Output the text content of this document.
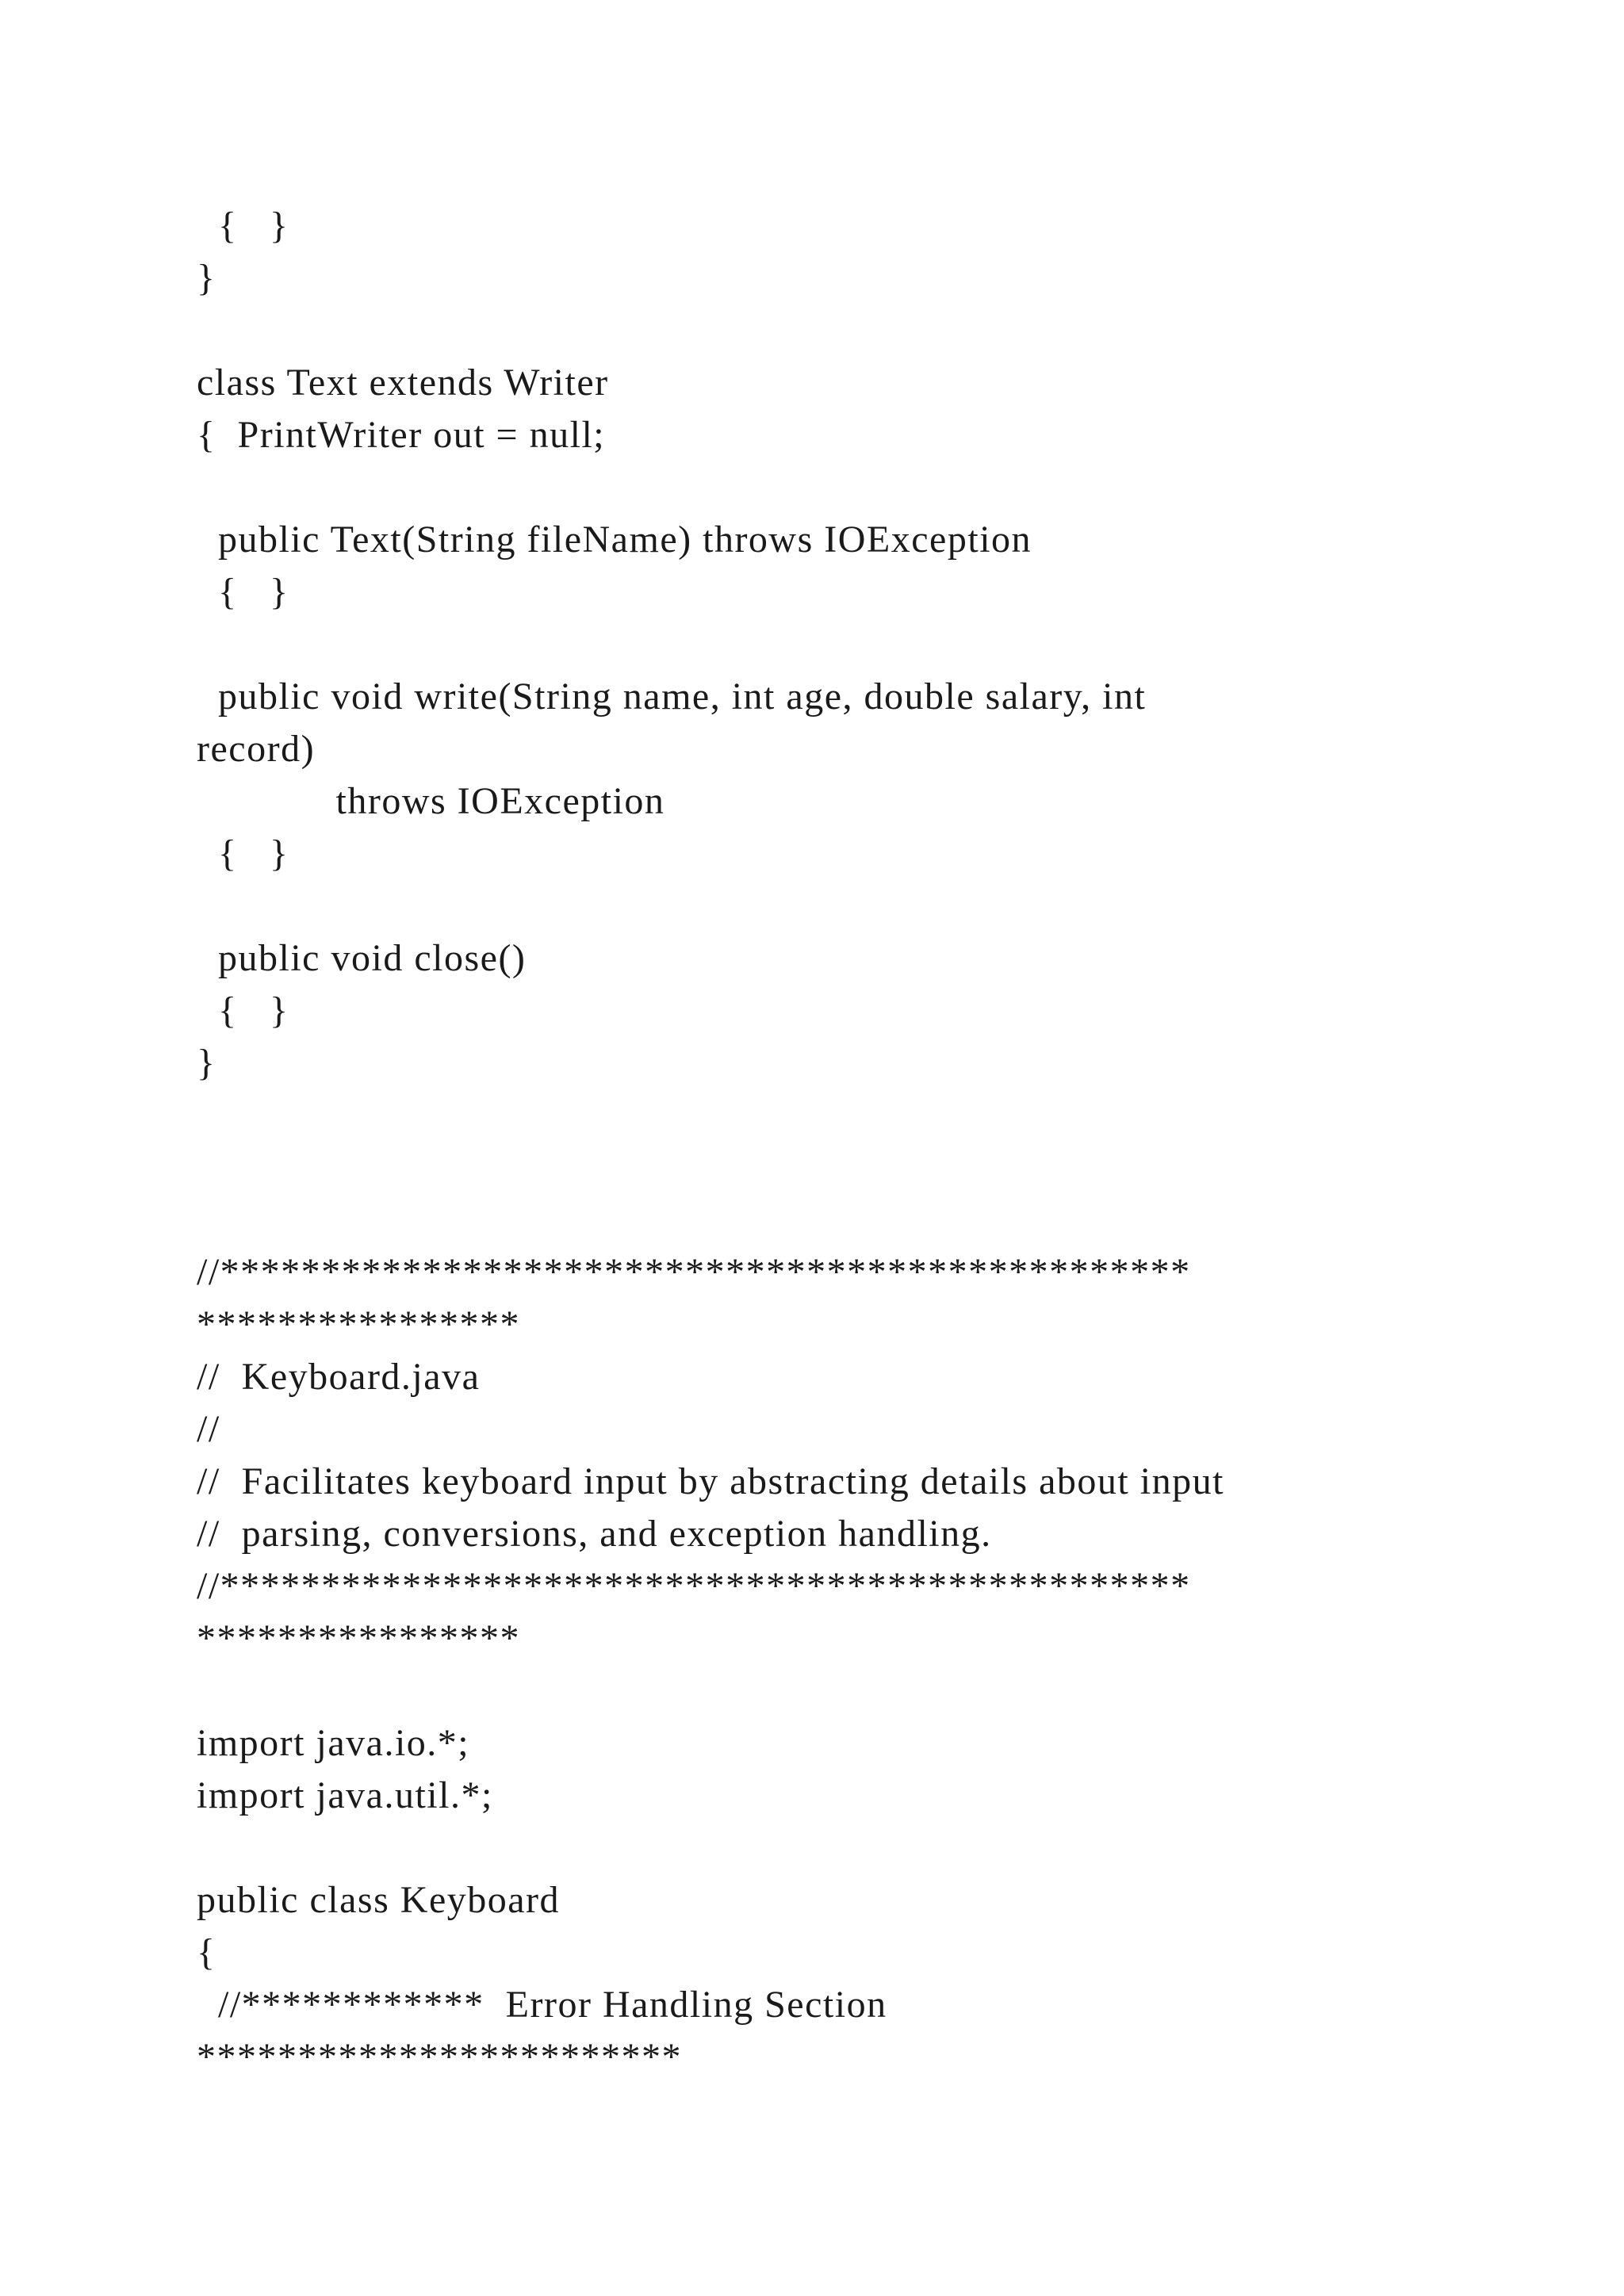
{   }
}
class Text extends Writer
{  PrintWriter out = null;
public Text(String fileName) throws IOException
{   }
public void write(String name, int age, double salary, int
record)
throws IOException
{   }
public void close()
{   }
}
//************************************************
****************
//  Keyboard.java
//
//  Facilitates keyboard input by abstracting details about input
//  parsing, conversions, and exception handling.
//************************************************
****************
import java.io.*;
import java.util.*;
public class Keyboard
{
//************  Error Handling Section
************************
